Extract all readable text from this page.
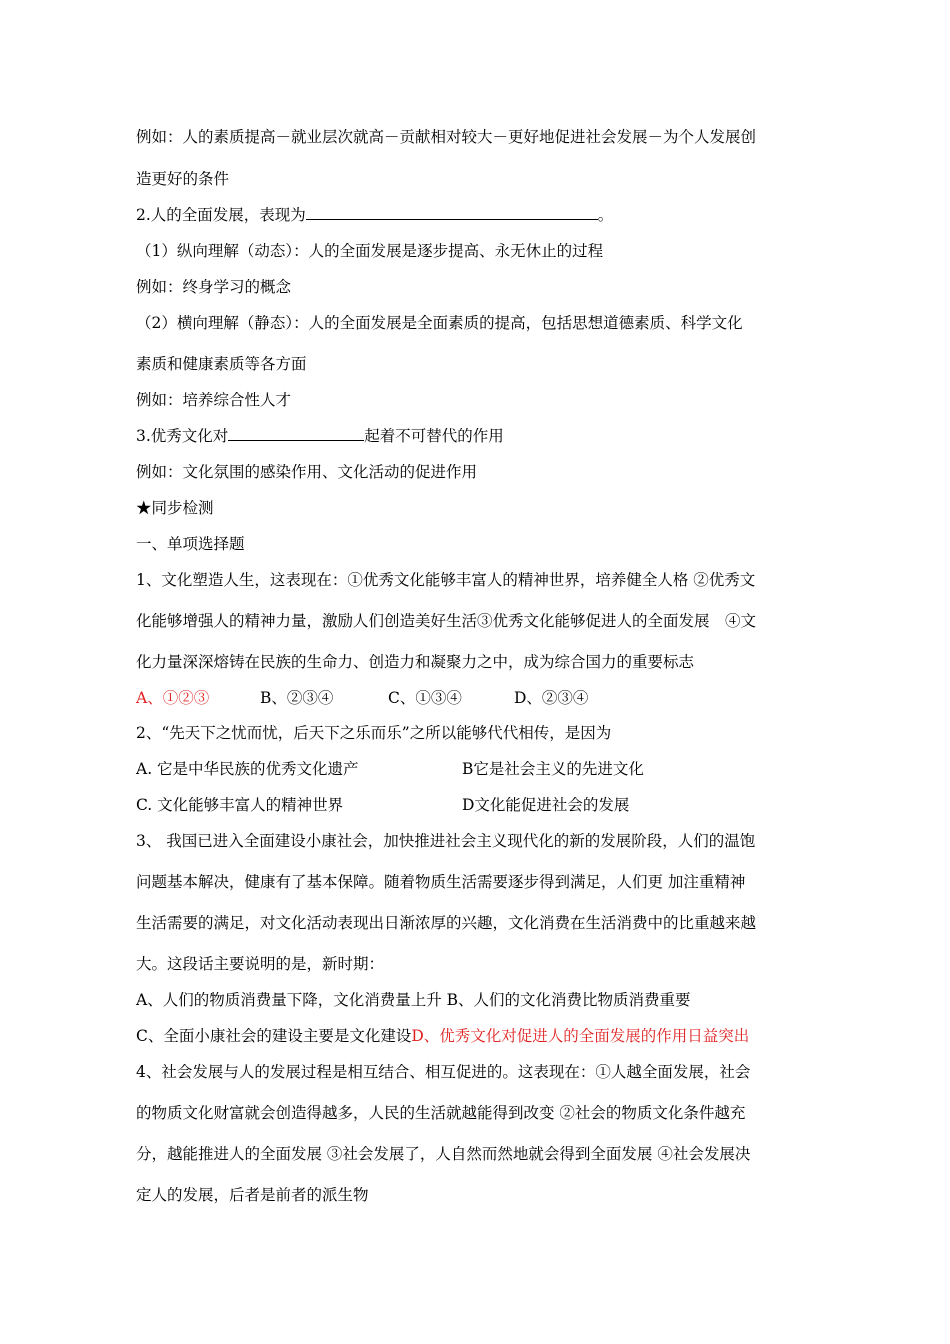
例如：人的素质提高－就业层次就高－贡献相对较大－更好地促进社会发展－为个人发展创
造更好的条件
2.人的全面发展，表现为	。
（1）纵向理解（动态）：人的全面发展是逐步提高、永无休止的过程
例如：终身学习的概念
（2）横向理解（静态）：人的全面发展是全面素质的提高，包括思想道德素质、科学文化
素质和健康素质等各方面
例如：培养综合性人才
3.优秀文化对	起着不可替代的作用
例如：文化氛围的感染作用、文化活动的促进作用
★同步检测
一、单项选择题
1、文化塑造人生，这表现在：①优秀文化能够丰富人的精神世界，培养健全人格 ②优秀文
化能够增强人的精神力量，激励人们创造美好生活③优秀文化能够促进人的全面发展　④文
化力量深深熔铸在民族的生命力、创造力和凝聚力之中，成为综合国力的重要标志
A、①②③	B、②③④	C、①③④	D、②③④
2、“先天下之忧而忧，后天下之乐而乐”之所以能够代代相传，是因为
A. 它是中华民族的优秀文化遗产	B它是社会主义的先进文化
C. 文化能够丰富人的精神世界	D文化能促进社会的发展
3、 我国已进入全面建设小康社会，加快推进社会主义现代化的新的发展阶段，人们的温饱
问题基本解决，健康有了基本保障。随着物质生活需要逐步得到满足，人们更 加注重精神
生活需要的满足，对文化活动表现出日渐浓厚的兴趣，文化消费在生活消费中的比重越来越
大。这段话主要说明的是，新时期：
A、人们的物质消费量下降，文化消费量上升 B、人们的文化消费比物质消费重要
C、全面小康社会的建设主要是文化建设D、优秀文化对促进人的全面发展的作用日益突出
4、社会发展与人的发展过程是相互结合、相互促进的。这表现在：①人越全面发展，社会
的物质文化财富就会创造得越多，人民的生活就越能得到改变 ②社会的物质文化条件越充
分，越能推进人的全面发展 ③社会发展了，人自然而然地就会得到全面发展 ④社会发展决
定人的发展，后者是前者的派生物
